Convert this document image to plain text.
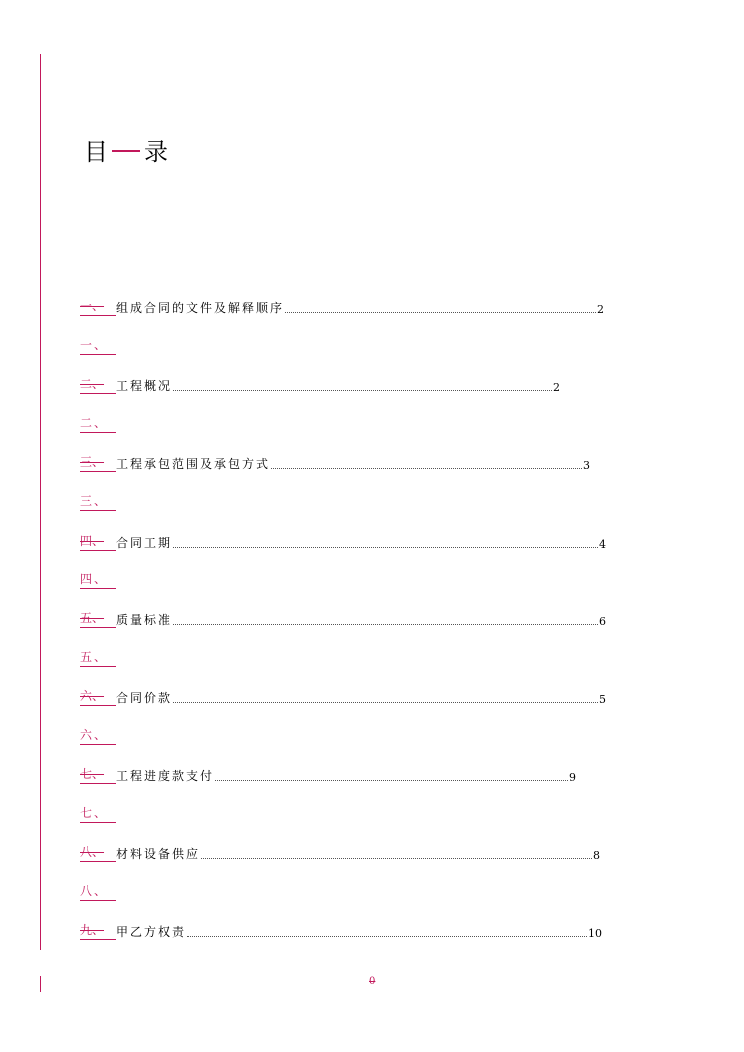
目 录
一、 组成合同的文件及解释顺序	2
一、
二、 工程概况	2
二、
三、 工程承包范围及承包方式	3
三、
四、 合同工期	4
四、
五、 质量标准	6
五、
六、 合同价款	5
六、
七、 工程进度款支付	9
七、
八、 材料设备供应	8
八、
九、 甲乙方权责	10
0
